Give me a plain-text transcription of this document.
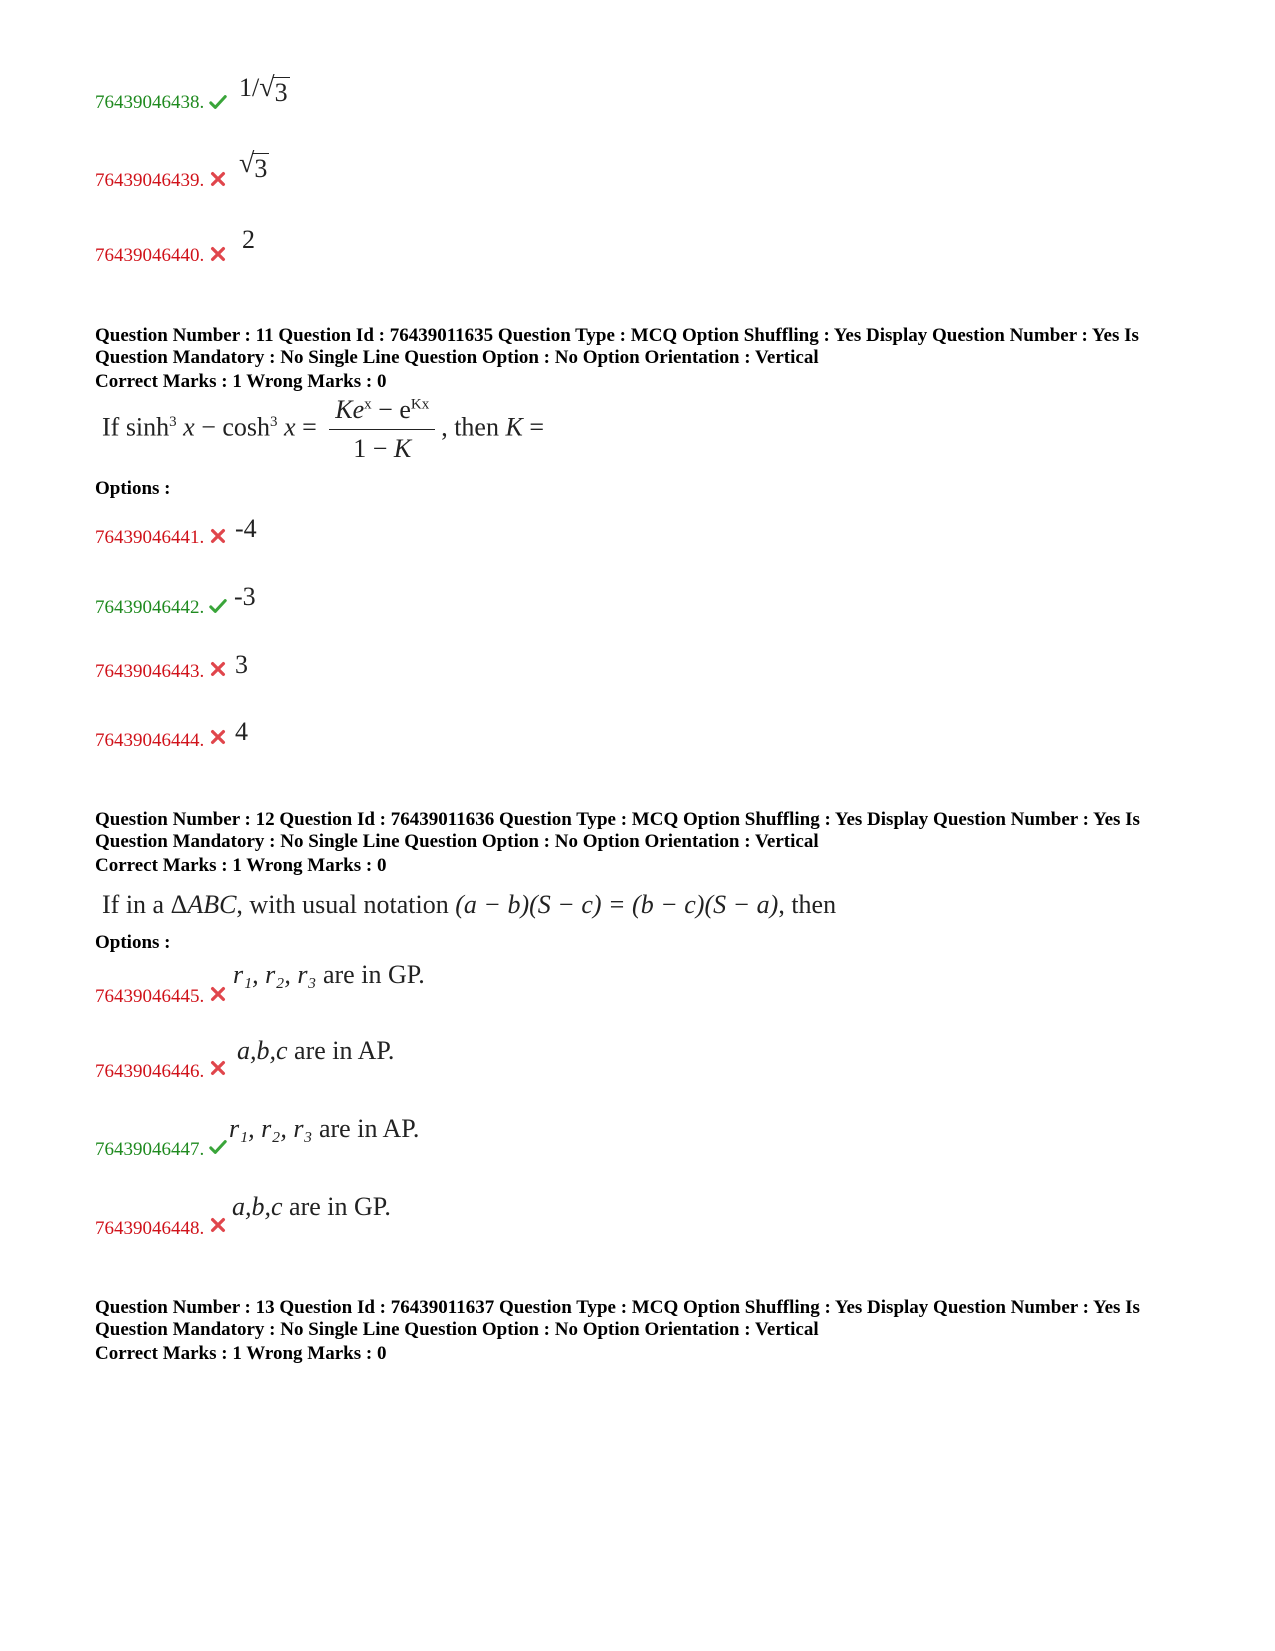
76439046438.
1/ √ 3
76439046439.
√ 3
76439046440.
2
Question Number : 11 Question Id : 76439011635 Question Type : MCQ Option Shuffling : Yes Display Question Number : Yes Is Question Mandatory : No Single Line Question Option : No Option Orientation : Vertical
Correct Marks : 1 Wrong Marks : 0
If $\sinh^3 x - \cosh^3 x = \frac{Ke^x - e^{Kx}}{1 - K}$ , then K =
Options :
76439046441. -4
76439046442. -3
76439046443. 3
76439046444. 4
Question Number : 12 Question Id : 76439011636 Question Type : MCQ Option Shuffling : Yes Display Question Number : Yes Is Question Mandatory : No Single Line Question Option : No Option Orientation : Vertical
Correct Marks : 1 Wrong Marks : 0
If in a ΔABC, with usual notation (a − b)(S − c) = (b − c)(S − a), then
Options :
76439046445.
r₁, r₂, r₃ are in GP.
76439046446.
a,b,c are in AP.
76439046447.
r₁, r₂, r₃ are in AP.
76439046448.
a,b,c are in GP.
Question Number : 13 Question Id : 76439011637 Question Type : MCQ Option Shuffling : Yes Display Question Number : Yes Is Question Mandatory : No Single Line Question Option : No Option Orientation : Vertical
Correct Marks : 1 Wrong Marks : 0
